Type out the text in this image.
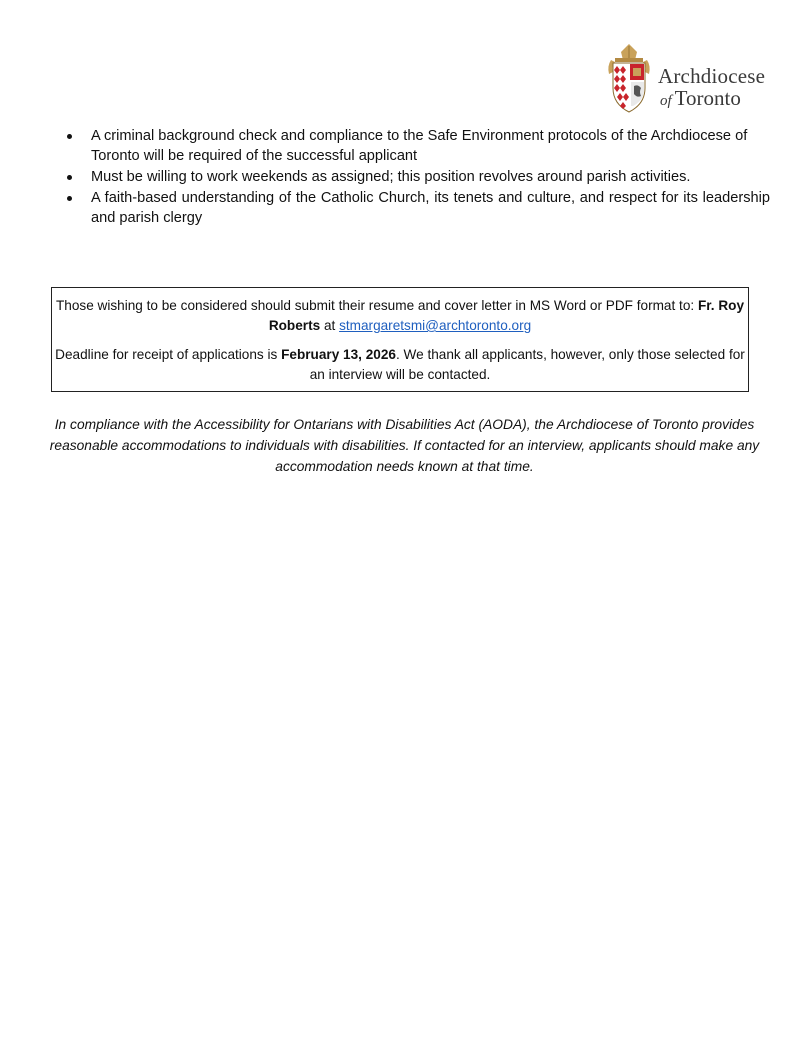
Archdiocese
of Toronto
A criminal background check and compliance to the Safe Environment protocols of the Archdiocese of Toronto will be required of the successful applicant
Must be willing to work weekends as assigned; this position revolves around parish activities.
A faith-based understanding of the Catholic Church, its tenets and culture, and respect for its leadership and parish clergy

Those wishing to be considered should submit their resume and cover letter in MS Word or PDF format to: Fr. Roy Roberts at stmargaretsmi@archtoronto.org

Deadline for receipt of applications is February 13, 2026. We thank all applicants, however, only those selected for an interview will be contacted.

In compliance with the Accessibility for Ontarians with Disabilities Act (AODA), the Archdiocese of Toronto provides reasonable accommodations to individuals with disabilities. If contacted for an interview, applicants should make any accommodation needs known at that time.
